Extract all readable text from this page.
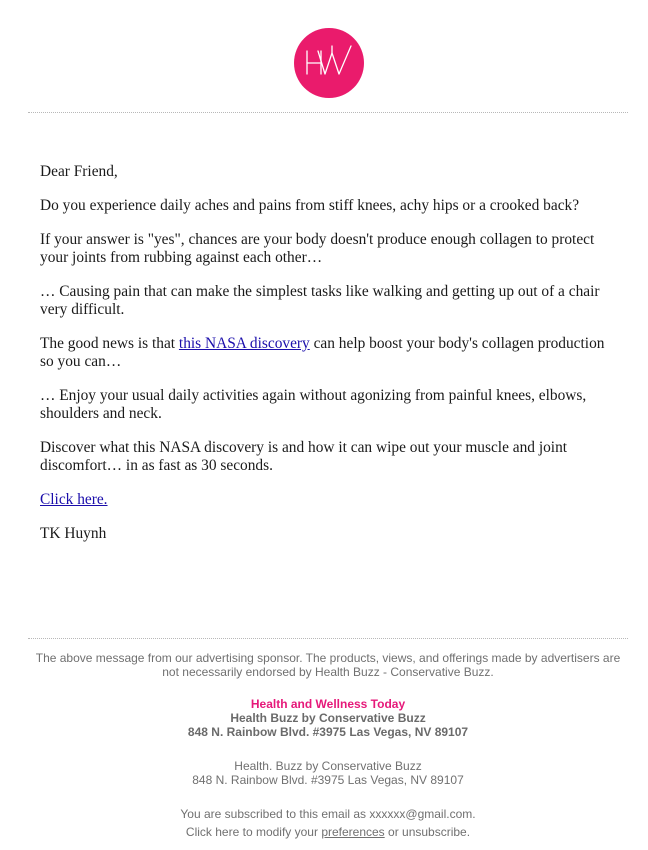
Dear Friend,

Do you experience daily aches and pains from stiff knees, achy hips or a crooked back?

If your answer is "yes", chances are your body doesn't produce enough collagen to protect your joints from rubbing against each other…

… Causing pain that can make the simplest tasks like walking and getting up out of a chair very difficult.

The good news is that this NASA discovery can help boost your body's collagen production so you can…

… Enjoy your usual daily activities again without agonizing from painful knees, elbows, shoulders and neck.

Discover what this NASA discovery is and how it can wipe out your muscle and joint discomfort… in as fast as 30 seconds.

Click here.

TK Huynh

The above message from our advertising sponsor. The products, views, and offerings made by advertisers are not necessarily endorsed by Health Buzz - Conservative Buzz.

Health and Wellness Today

Health Buzz by Conservative Buzz

848 N. Rainbow Blvd. #3975 Las Vegas, NV 89107

Health. Buzz by Conservative Buzz

848 N. Rainbow Blvd. #3975 Las Vegas, NV 89107

You are subscribed to this email as xxxxxx@gmail.com.

Click here to modify your preferences or unsubscribe.
